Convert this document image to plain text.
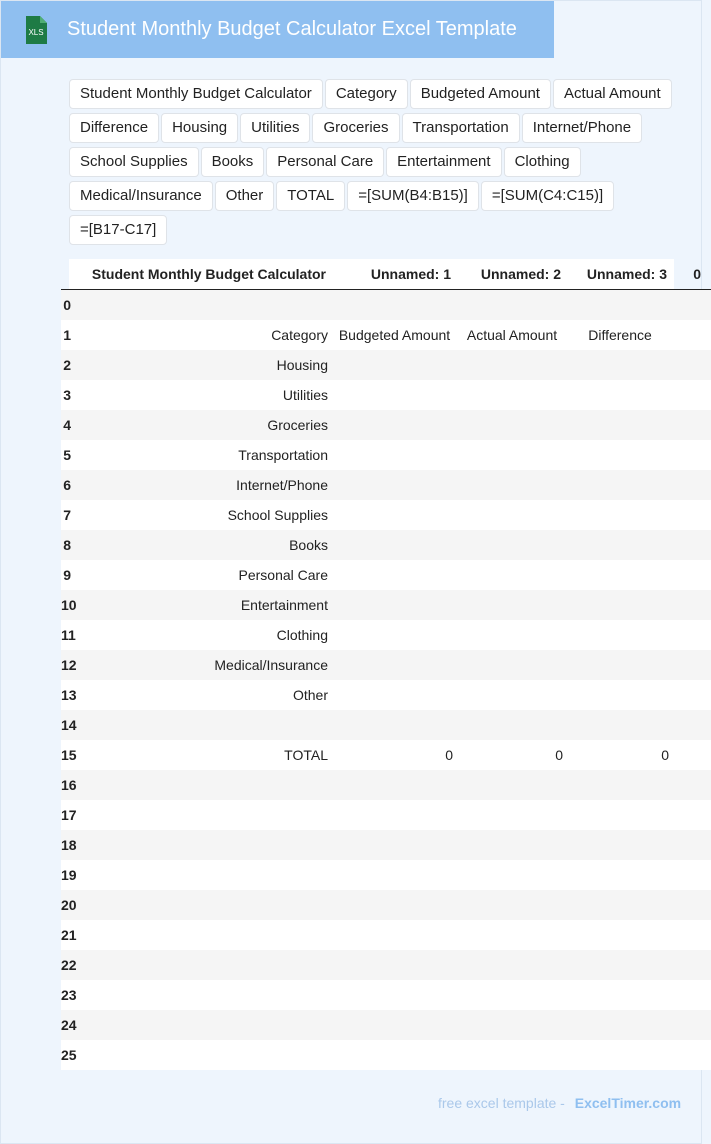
XLS Student Monthly Budget Calculator Excel Template
Student Monthly Budget Calculator	Category	Budgeted Amount	Actual Amount
Difference	Housing	Utilities	Groceries	Transportation	Internet/Phone
School Supplies	Books	Personal Care	Entertainment	Clothing
Medical/Insurance	Other	TOTAL	=[SUM(B4:B15)]	=[SUM(C4:C15)]
=[B17-C17]
	Student Monthly Budget Calculator	Unnamed: 1	Unnamed: 2	Unnamed: 3	0
0					
1	Category	Budgeted Amount	Actual Amount	Difference	
2	Housing				
3	Utilities				
4	Groceries				
5	Transportation				
6	Internet/Phone				
7	School Supplies				
8	Books				
9	Personal Care				
10	Entertainment				
11	Clothing				
12	Medical/Insurance				
13	Other				
14					
15	TOTAL	0	0	0	
16					
17					
18					
19					
20					
21					
22					
23					
24					
25					
free excel template - ExcelTimer.com
